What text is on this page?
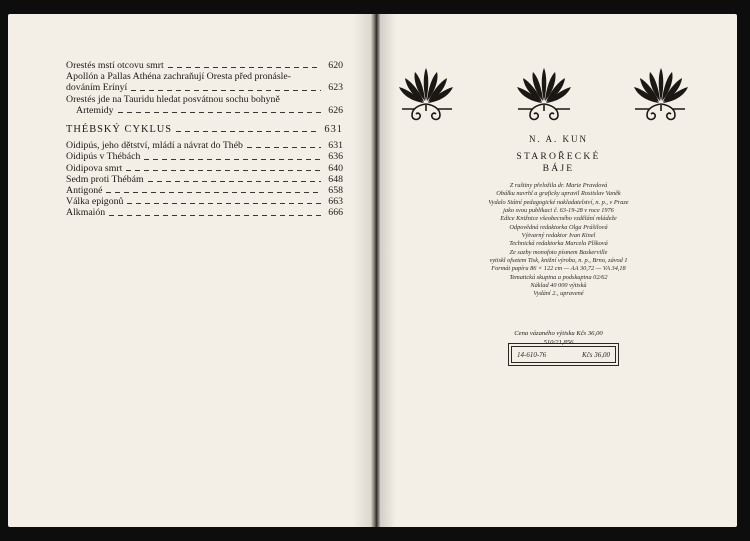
Orestés mstí otcovu smrt	620
Apollón a Pallas Athéna zachraňují Oresta před pronásle-
dováním Erínyí	623
Orestés jde na Tauridu hledat posvátnou sochu bohyně
Artemidy	626
THÉBSKÝ CYKLUS	631
Oidipús, jeho dětství, mládí a návrat do Théb	631
Oidipús v Thébách	636
Oidipova smrt	640
Sedm proti Thébám	648
Antigoné	658
Válka epigonů	663
Alkmaión	666
N. A. KUN
STAROŘECKÉ
BÁJE
Z ruštiny přeložila dr. Marie Pravdová
Obálku navrhl a graficky upravil Rostislav Vaněk
Vydalo Státní pedagogické nakladatelství, n. p., v Praze
jako svou publikaci č. 63-19-28 v roce 1976
Edice Knižnice všeobecného vzdělání mládeže
Odpovědná redaktorka Olga Prášilová
Výtvarný redaktor Ivan Kinel
Technická redaktorka Marcela Plšková
Ze sazby monofoto písmem Baskerville
vytiskl ofsetem Tisk, knižní výroba, n. p., Brno, závod 1
Formát papíru 86 × 122 cm — AA 30,72 — VA 34,18
Tematická skupina a podskupina 02/62
Náklad 40 000 výtisků
Vydání 2., upravené
Cena vázaného výtisku Kčs 36,00
510/21,856
14-610-76	Kčs 36,00
